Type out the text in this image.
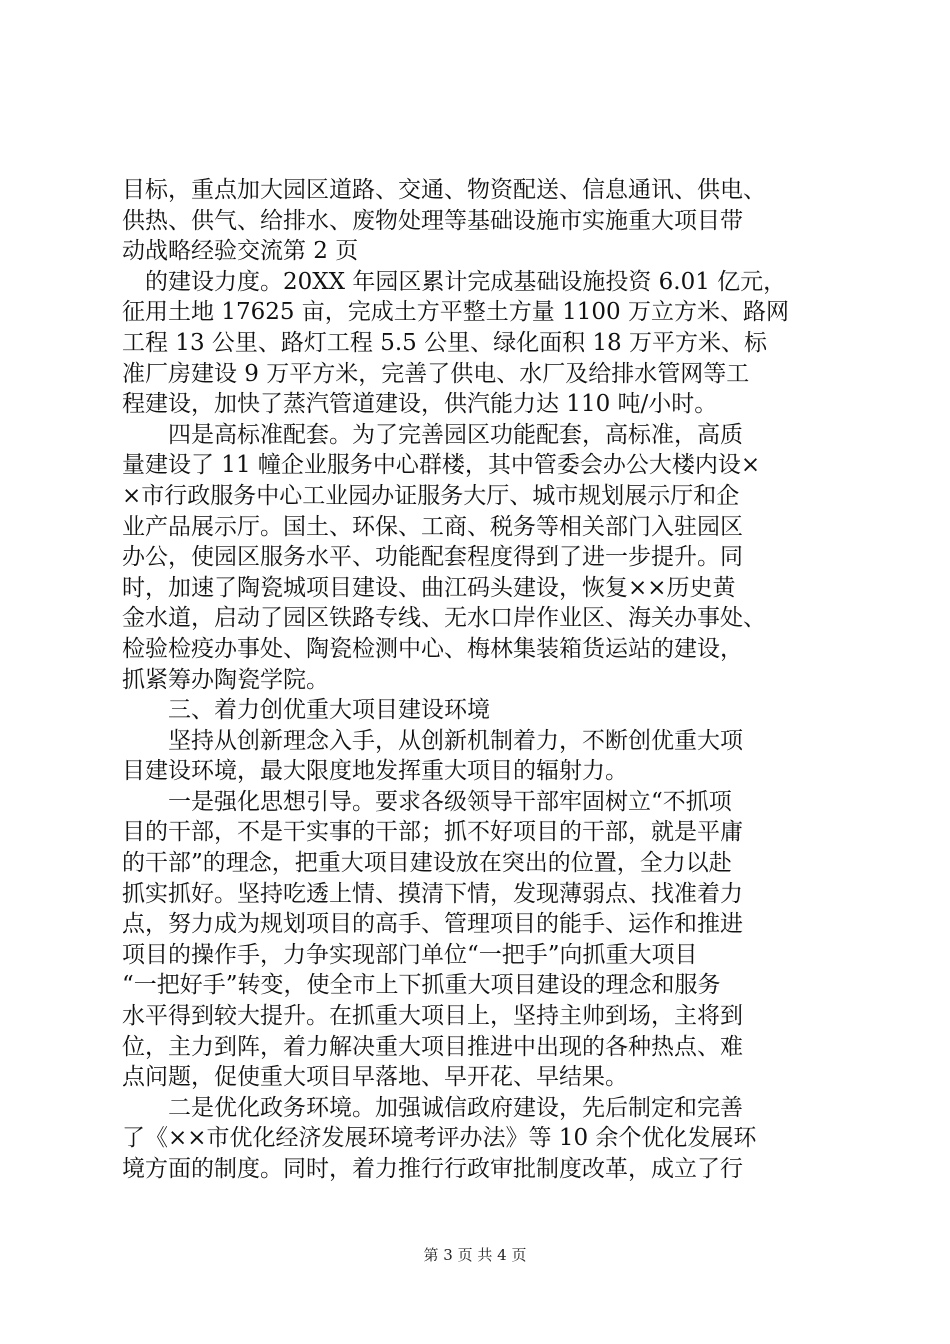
目标，重点加大园区道路、交通、物资配送、信息通讯、供电、
供热、供气、给排水、废物处理等基础设施市实施重大项目带
动战略经验交流第 2 页
　的建设力度。20XX 年园区累计完成基础设施投资 6.01 亿元，
征用土地 17625 亩，完成土方平整土方量 1100 万立方米、路网
工程 13 公里、路灯工程 5.5 公里、绿化面积 18 万平方米、标
准厂房建设 9 万平方米，完善了供电、水厂及给排水管网等工
程建设，加快了蒸汽管道建设，供汽能力达 110 吨/小时。
　　四是高标准配套。为了完善园区功能配套，高标准，高质
量建设了 11 幢企业服务中心群楼，其中管委会办公大楼内设×
×市行政服务中心工业园办证服务大厅、城市规划展示厅和企
业产品展示厅。国土、环保、工商、税务等相关部门入驻园区
办公，使园区服务水平、功能配套程度得到了进一步提升。同
时，加速了陶瓷城项目建设、曲江码头建设，恢复××历史黄
金水道，启动了园区铁路专线、无水口岸作业区、海关办事处、
检验检疫办事处、陶瓷检测中心、梅林集装箱货运站的建设，
抓紧筹办陶瓷学院。
　　三、着力创优重大项目建设环境
　　坚持从创新理念入手，从创新机制着力，不断创优重大项
目建设环境，最大限度地发挥重大项目的辐射力。
　　一是强化思想引导。要求各级领导干部牢固树立“不抓项
目的干部，不是干实事的干部；抓不好项目的干部，就是平庸
的干部”的理念，把重大项目建设放在突出的位置，全力以赴
抓实抓好。坚持吃透上情、摸清下情，发现薄弱点、找准着力
点，努力成为规划项目的高手、管理项目的能手、运作和推进
项目的操作手，力争实现部门单位“一把手”向抓重大项目
“一把好手”转变，使全市上下抓重大项目建设的理念和服务
水平得到较大提升。在抓重大项目上，坚持主帅到场，主将到
位，主力到阵，着力解决重大项目推进中出现的各种热点、难
点问题，促使重大项目早落地、早开花、早结果。
　　二是优化政务环境。加强诚信政府建设，先后制定和完善
了《××市优化经济发展环境考评办法》等 10 余个优化发展环
境方面的制度。同时，着力推行行政审批制度改革，成立了行
第 3 页 共 4 页
